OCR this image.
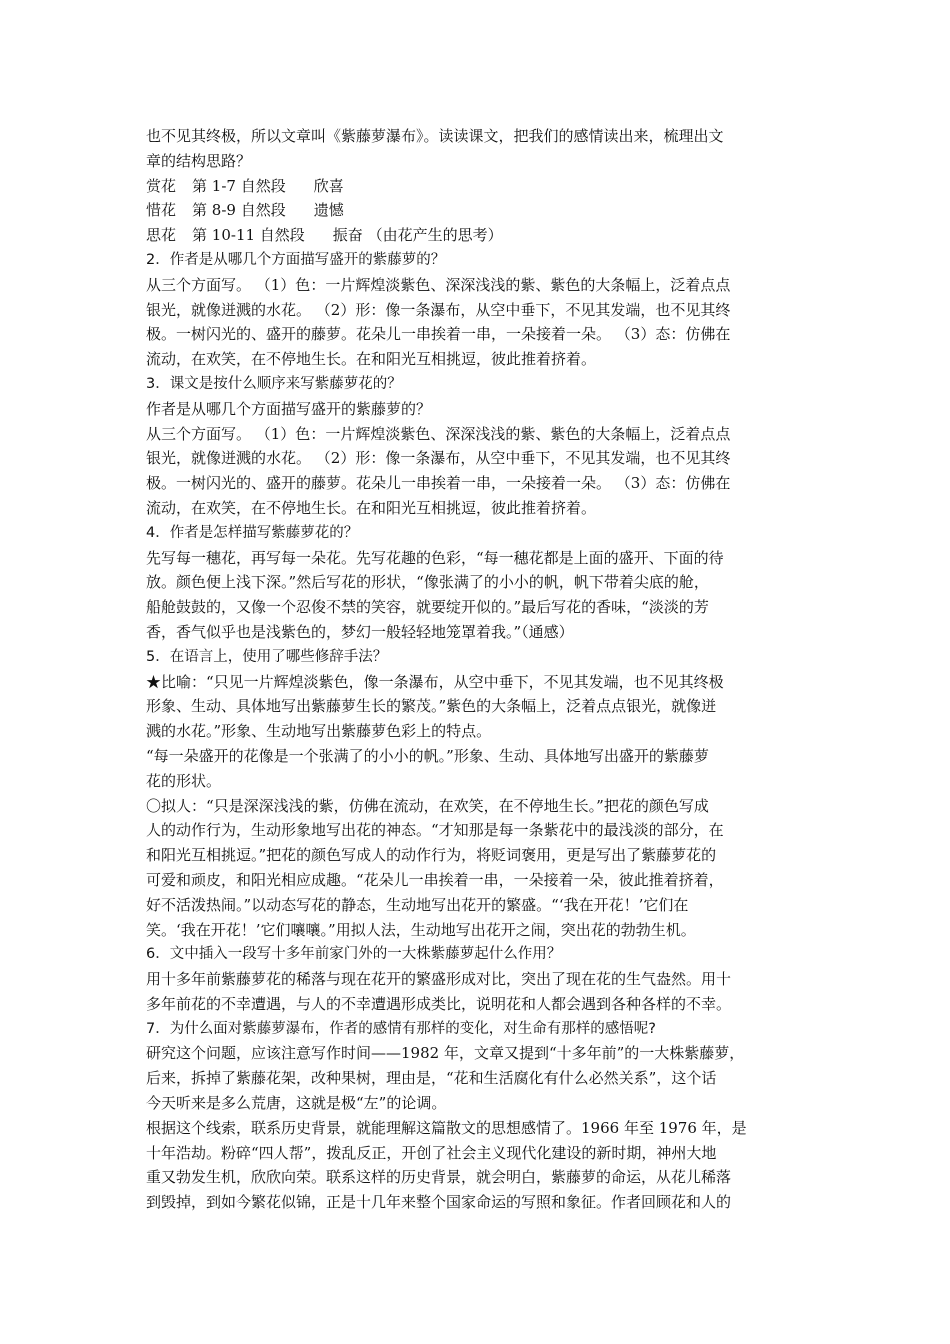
也不见其终极，所以文章叫《紫藤萝瀑布》。读读课文，把我们的感情读出来，梳理出文
章的结构思路？
赏花 第 1-7 自然段 欣喜
惜花 第 8-9 自然段 遗憾
思花 第 10-11 自然段 振奋 （由花产生的思考）
2．作者是从哪几个方面描写盛开的紫藤萝的？
从三个方面写。 （1）色：一片辉煌淡紫色、深深浅浅的紫、紫色的大条幅上，泛着点点
银光，就像迸溅的水花。 （2）形：像一条瀑布，从空中垂下，不见其发端，也不见其终
极。一树闪光的、盛开的藤萝。花朵儿一串挨着一串，一朵接着一朵。 （3）态：仿佛在
流动，在欢笑，在不停地生长。在和阳光互相挑逗，彼此推着挤着。
3．课文是按什么顺序来写紫藤萝花的？
作者是从哪几个方面描写盛开的紫藤萝的？
从三个方面写。 （1）色：一片辉煌淡紫色、深深浅浅的紫、紫色的大条幅上，泛着点点
银光，就像迸溅的水花。 （2）形：像一条瀑布，从空中垂下，不见其发端，也不见其终
极。一树闪光的、盛开的藤萝。花朵儿一串挨着一串，一朵接着一朵。 （3）态：仿佛在
流动，在欢笑，在不停地生长。在和阳光互相挑逗，彼此推着挤着。
4．作者是怎样描写紫藤萝花的？
先写每一穗花，再写每一朵花。先写花趣的色彩，“每一穗花都是上面的盛开、下面的待
放。颜色便上浅下深。”然后写花的形状，“像张满了的小小的帆，帆下带着尖底的舱，
船舱鼓鼓的，又像一个忍俊不禁的笑容，就要绽开似的。”最后写花的香味，“淡淡的芳
香，香气似乎也是浅紫色的，梦幻一般轻轻地笼罩着我。”（通感）
5．在语言上，使用了哪些修辞手法？
★比喻：“只见一片辉煌淡紫色，像一条瀑布，从空中垂下，不见其发端，也不见其终极
形象、生动、具体地写出紫藤萝生长的繁茂。”紫色的大条幅上，泛着点点银光，就像迸
溅的水花。”形象、生动地写出紫藤萝色彩上的特点。
“每一朵盛开的花像是一个张满了的小小的帆。”形象、生动、具体地写出盛开的紫藤萝
花的形状。
〇拟人：“只是深深浅浅的紫，仿佛在流动，在欢笑，在不停地生长。”把花的颜色写成
人的动作行为，生动形象地写出花的神态。“才知那是每一条紫花中的最浅淡的部分，在
和阳光互相挑逗。”把花的颜色写成人的动作行为，将贬词褒用，更是写出了紫藤萝花的
可爱和顽皮，和阳光相应成趣。“花朵儿一串挨着一串，一朵接着一朵，彼此推着挤着，
好不活泼热闹。”以动态写花的静态，生动地写出花开的繁盛。“‘我在开花！’它们在
笑。‘我在开花！’它们嚷嚷。”用拟人法，生动地写出花开之闹，突出花的勃勃生机。
6．文中插入一段写十多年前家门外的一大株紫藤萝起什么作用？
用十多年前紫藤萝花的稀落与现在花开的繁盛形成对比，突出了现在花的生气盎然。用十
多年前花的不幸遭遇，与人的不幸遭遇形成类比，说明花和人都会遇到各种各样的不幸。
7．为什么面对紫藤萝瀑布，作者的感情有那样的变化，对生命有那样的感悟呢?
研究这个问题，应该注意写作时间——1982 年，文章又提到“十多年前”的一大株紫藤萝，
后来，拆掉了紫藤花架，改种果树，理由是，“花和生活腐化有什么必然关系”，这个话
今天听来是多么荒唐，这就是极“左”的论调。
根据这个线索，联系历史背景，就能理解这篇散文的思想感情了。1966 年至 1976 年，是
十年浩劫。粉碎“四人帮”，拨乱反正，开创了社会主义现代化建设的新时期，神州大地
重又勃发生机，欣欣向荣。联系这样的历史背景，就会明白，紫藤萝的命运，从花儿稀落
到毁掉，到如今繁花似锦，正是十几年来整个国家命运的写照和象征。作者回顾花和人的
